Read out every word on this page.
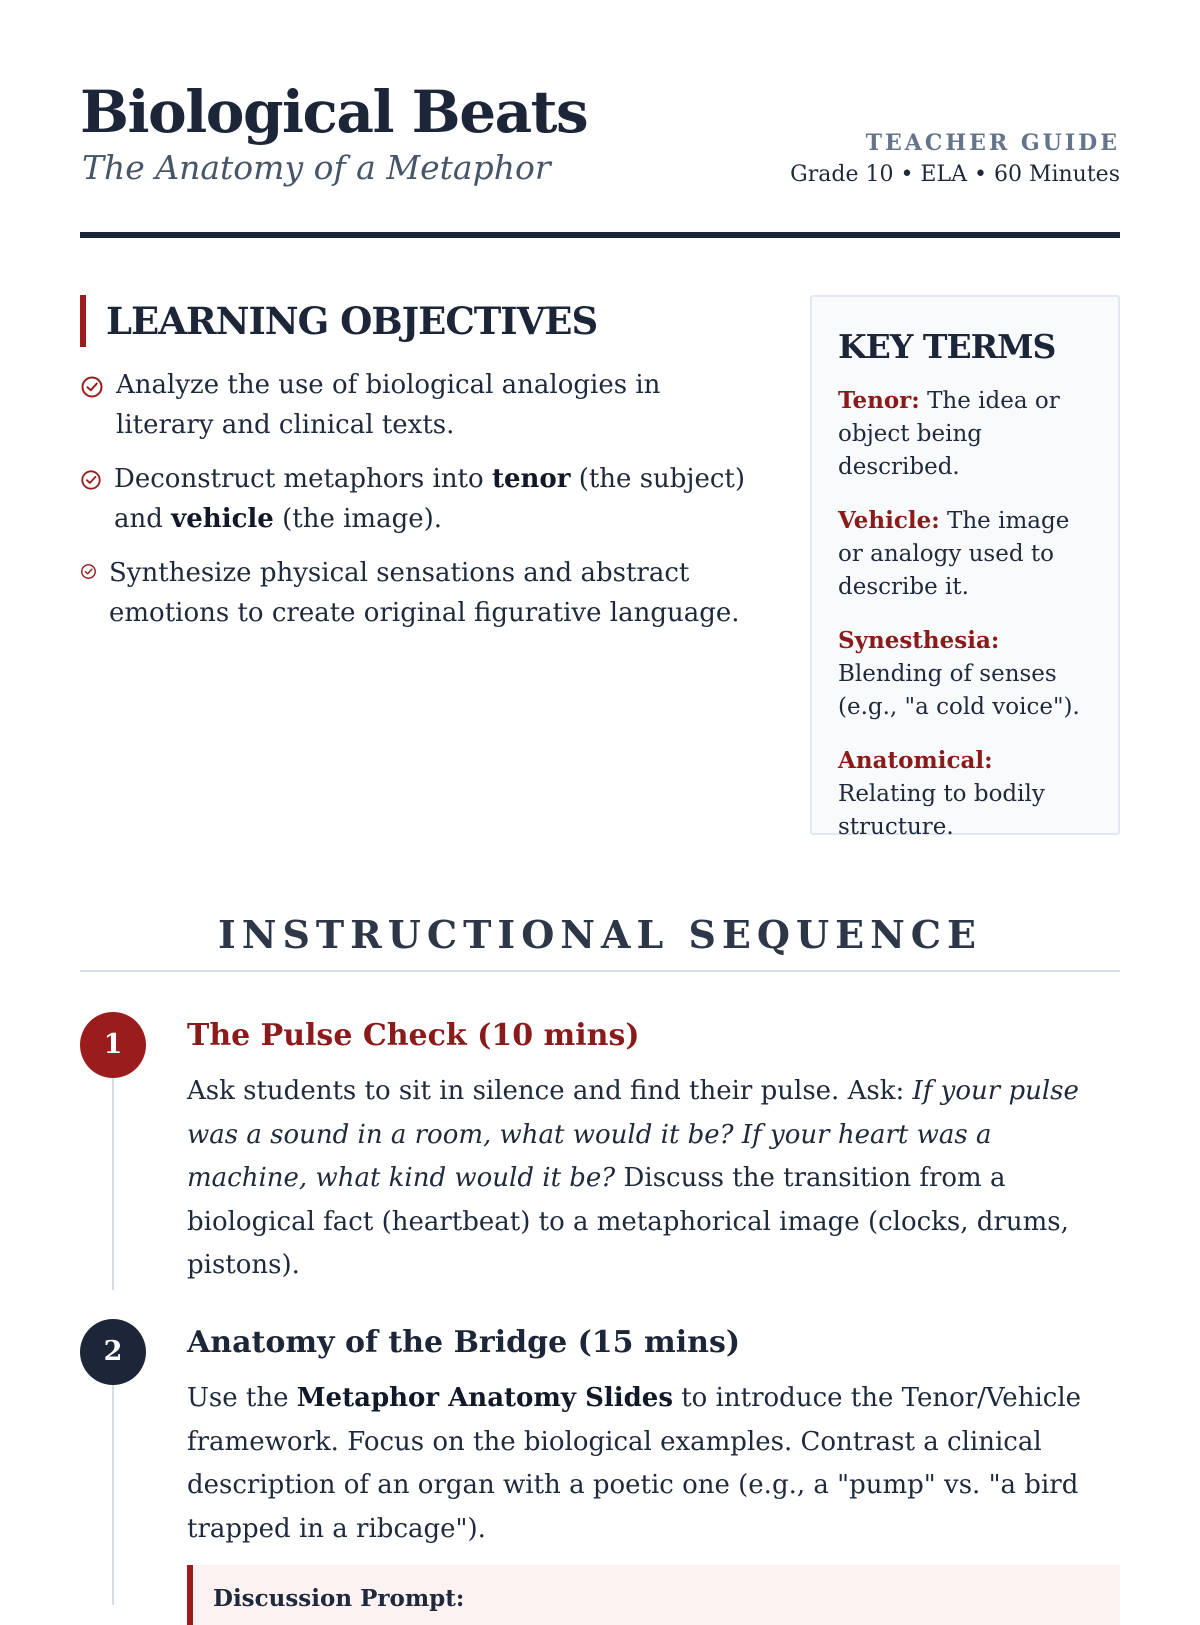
Biological Beats
The Anatomy of a Metaphor
TEACHER GUIDE
Grade 10 • ELA • 60 Minutes
LEARNING OBJECTIVES
Analyze the use of biological analogies in literary and clinical texts.
Deconstruct metaphors into tenor (the subject) and vehicle (the image).
Synthesize physical sensations and abstract emotions to create original figurative language.
KEY TERMS
Tenor: The idea or object being described.
Vehicle: The image or analogy used to describe it.
Synesthesia: Blending of senses (e.g., "a cold voice").
Anatomical: Relating to bodily structure.
INSTRUCTIONAL SEQUENCE
1	The Pulse Check (10 mins)
Ask students to sit in silence and find their pulse. Ask: If your pulse was a sound in a room, what would it be? If your heart was a machine, what kind would it be? Discuss the transition from a biological fact (heartbeat) to a metaphorical image (clocks, drums, pistons).
2	Anatomy of the Bridge (15 mins)
Use the Metaphor Anatomy Slides to introduce the Tenor/Vehicle framework. Focus on the biological examples. Contrast a clinical description of an organ with a poetic one (e.g., a "pump" vs. "a bird trapped in a ribcage").
Discussion Prompt:
